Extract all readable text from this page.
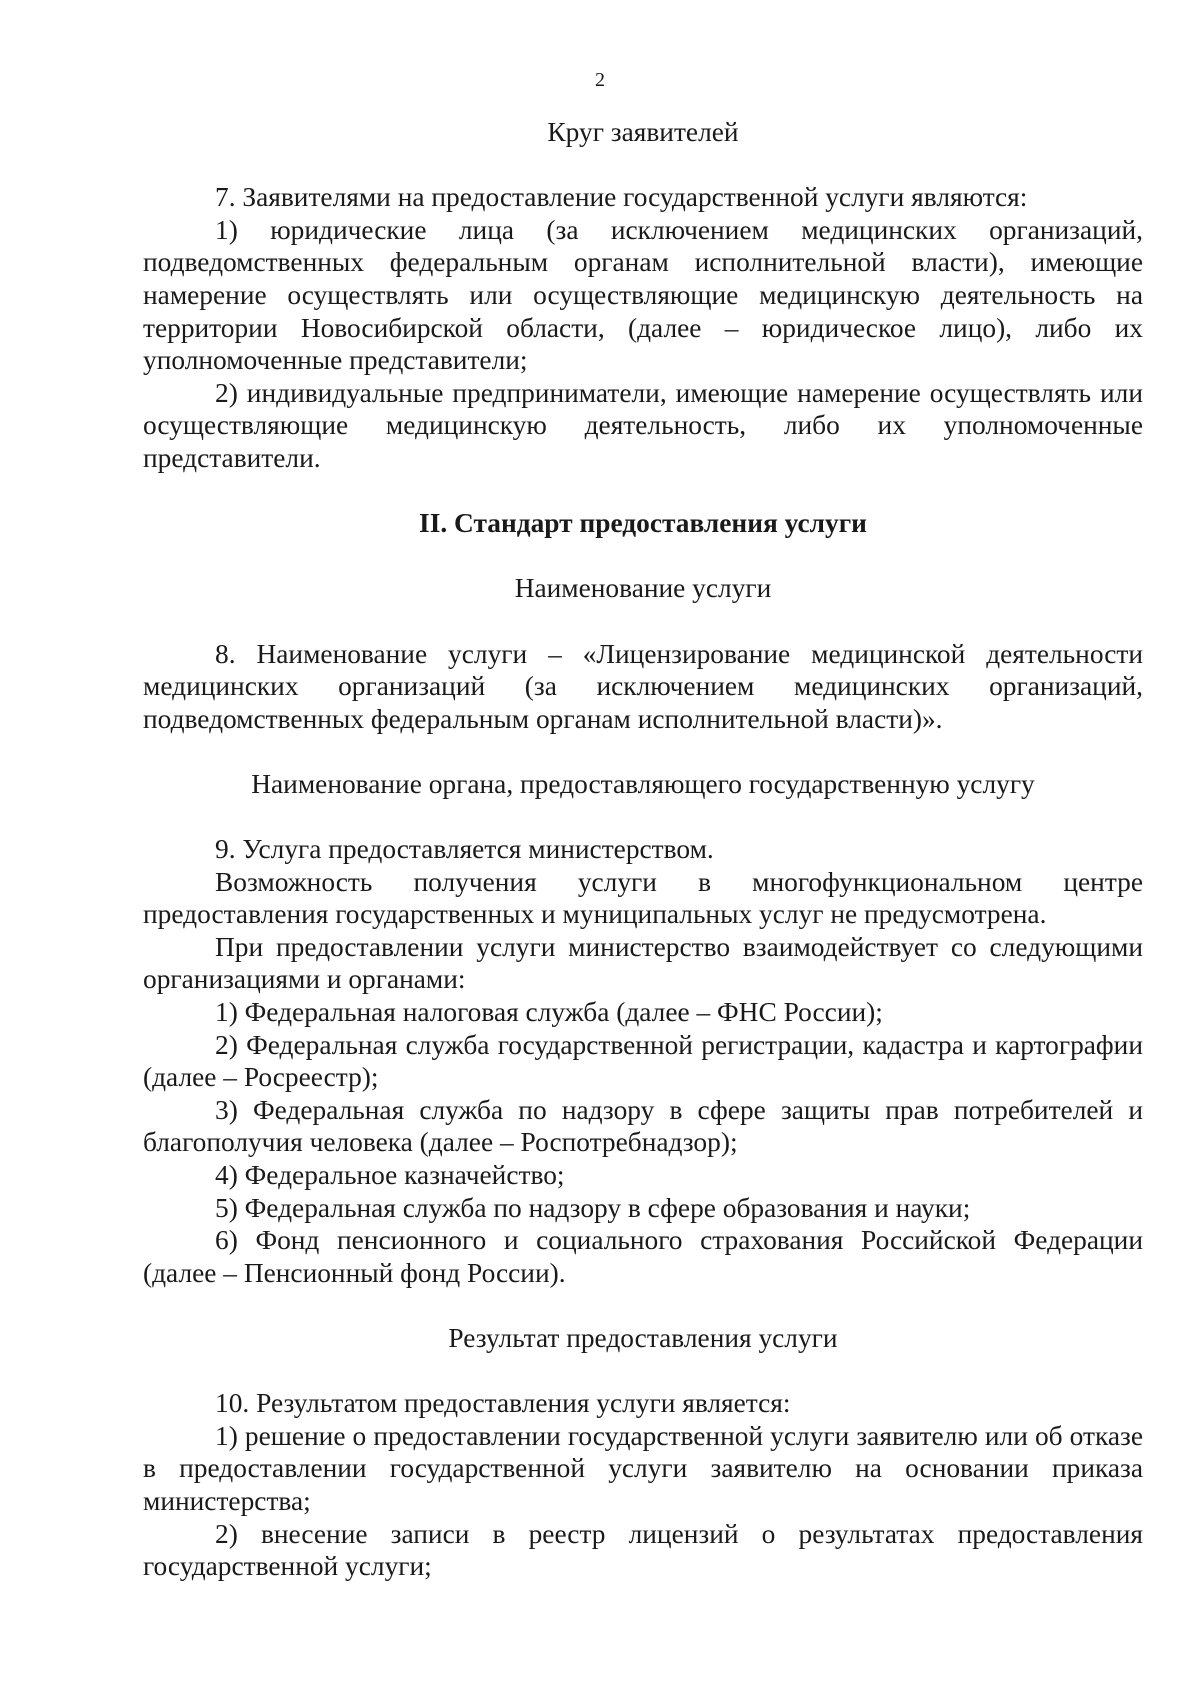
2
Круг заявителей

7. Заявителями на предоставление государственной услуги являются:

1) юридические лица (за исключением медицинских организаций, подведомственных федеральным органам исполнительной власти), имеющие намерение осуществлять или осуществляющие медицинскую деятельность на территории Новосибирской области, (далее – юридическое лицо), либо их уполномоченные представители;

2) индивидуальные предприниматели, имеющие намерение осуществлять или осуществляющие медицинскую деятельность, либо их уполномоченные представители.

II. Стандарт предоставления услуги
Наименование услуги

8. Наименование услуги – «Лицензирование медицинской деятельности медицинских организаций (за исключением медицинских организаций, подведомственных федеральным органам исполнительной власти)».

Наименование органа, предоставляющего государственную услугу

9. Услуга предоставляется министерством.

Возможность получения услуги в многофункциональном центре предоставления государственных и муниципальных услуг не предусмотрена.

При предоставлении услуги министерство взаимодействует со следующими организациями и органами:

1) Федеральная налоговая служба (далее – ФНС России);

2) Федеральная служба государственной регистрации, кадастра и картографии (далее – Росреестр);

3) Федеральная служба по надзору в сфере защиты прав потребителей и благополучия человека (далее – Роспотребнадзор);

4) Федеральное казначейство;

5) Федеральная служба по надзору в сфере образования и науки;

6) Фонд пенсионного и социального страхования Российской Федерации (далее – Пенсионный фонд России).

Результат предоставления услуги

10. Результатом предоставления услуги является:

1) решение о предоставлении государственной услуги заявителю или об отказе в предоставлении государственной услуги заявителю на основании приказа министерства;

2) внесение записи в реестр лицензий о результатах предоставления государственной услуги;
